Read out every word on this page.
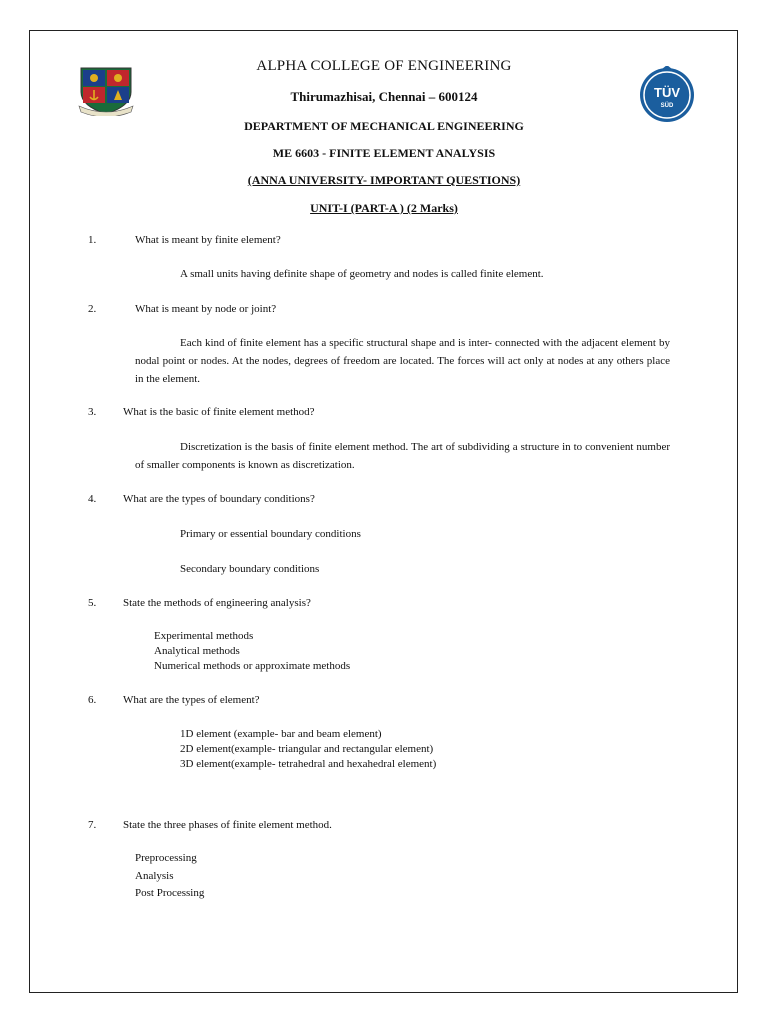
TÜV
SÜD
ALPHA COLLEGE OF ENGINEERING
Thirumazhisai, Chennai – 600124
DEPARTMENT OF MECHANICAL ENGINEERING
ME 6603 - FINITE ELEMENT ANALYSIS
(ANNA UNIVERSITY- IMPORTANT QUESTIONS)
UNIT-I (PART-A ) (2 Marks)
1.	What is meant by finite element?
A small units having definite shape of geometry and nodes is called finite element.
2.	What is meant by node or joint?
Each kind of finite element has a specific structural shape and is inter- connected with the adjacent element by nodal point or nodes. At the nodes, degrees of freedom are located. The forces will act only at nodes at any others place in the element.
3. What is the basic of finite element method?
Discretization is the basis of finite element method. The art of subdividing a structure in to convenient number of smaller components is known as discretization.
4. What are the types of boundary conditions?
Primary or essential boundary conditions
Secondary boundary conditions
5. State the methods of engineering analysis?
Experimental methods
Analytical methods
Numerical methods or approximate methods
6. What are the types of element?
1D element (example- bar and beam element)
2D element(example- triangular and rectangular element)
3D element(example- tetrahedral and hexahedral element)
7. State the three phases of finite element method.
Preprocessing
Analysis
Post Processing
